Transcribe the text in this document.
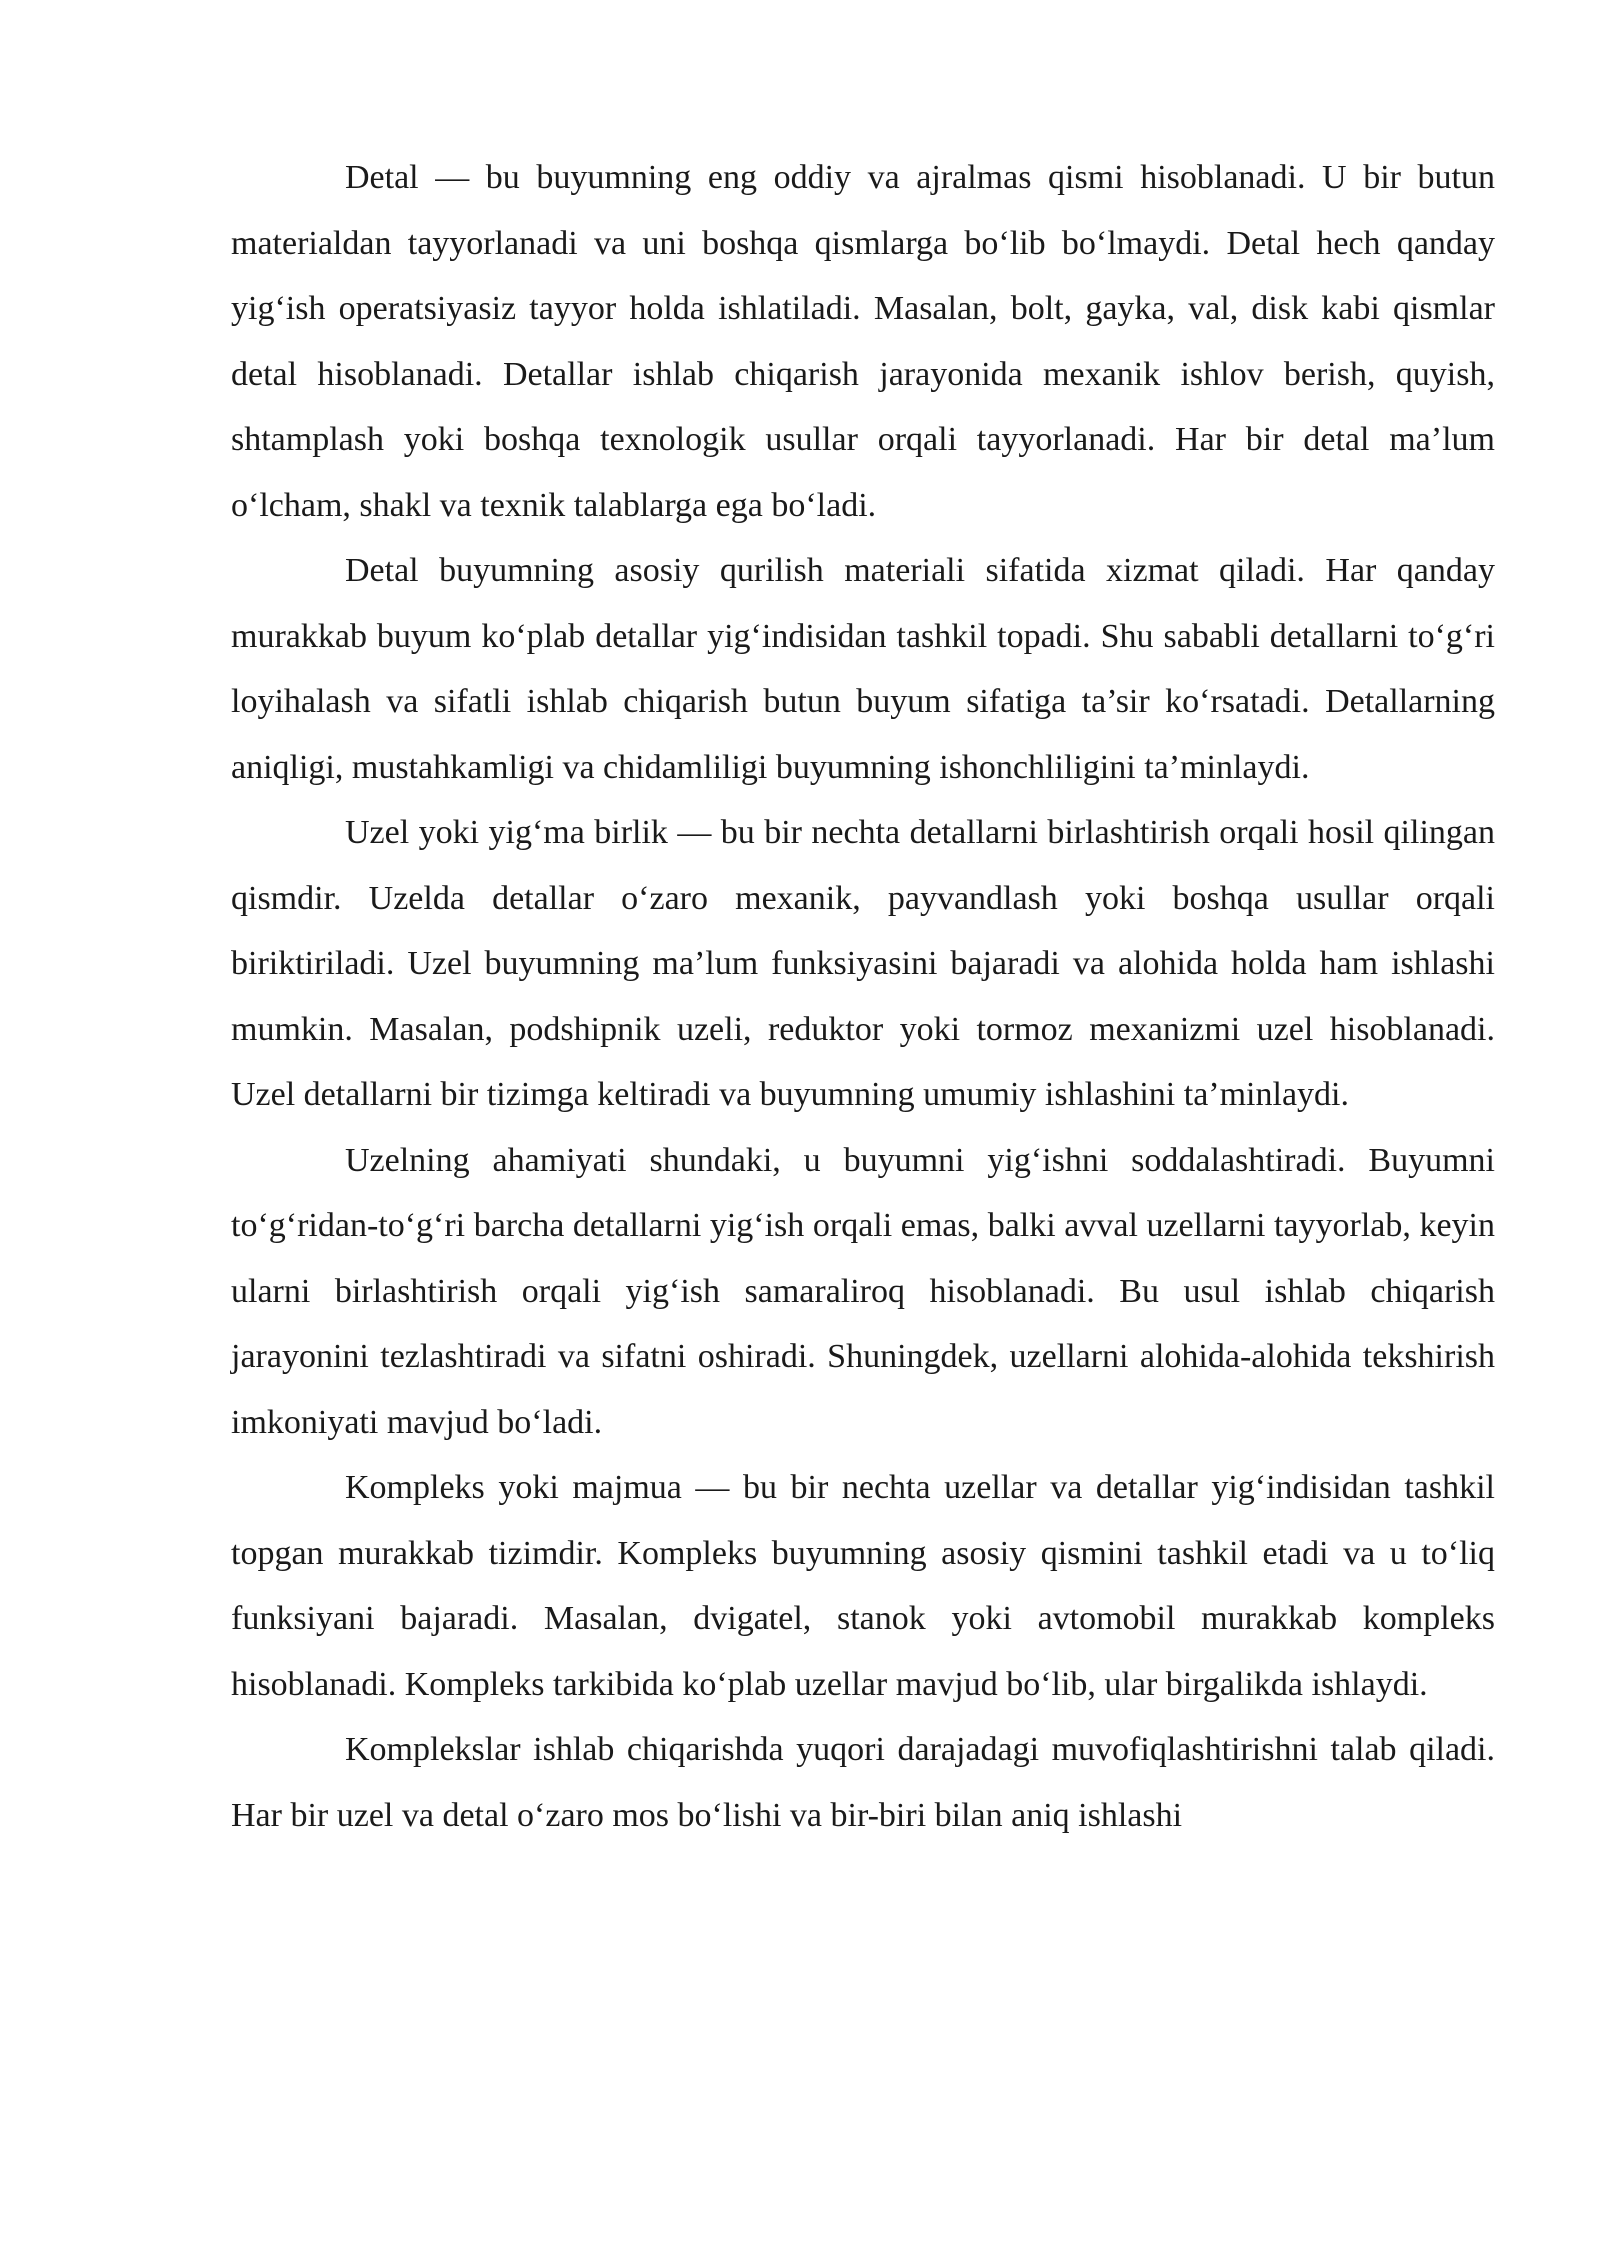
Detal — bu buyumning eng oddiy va ajralmas qismi hisoblanadi. U bir butun materialdan tayyorlanadi va uni boshqa qismlarga bo‘lib bo‘lmaydi. Detal hech qanday yig‘ish operatsiyasiz tayyor holda ishlatiladi. Masalan, bolt, gayka, val, disk kabi qismlar detal hisoblanadi. Detallar ishlab chiqarish jarayonida mexanik ishlov berish, quyish, shtamplash yoki boshqa texnologik usullar orqali tayyorlanadi. Har bir detal ma’lum o‘lcham, shakl va texnik talablarga ega bo‘ladi.

Detal buyumning asosiy qurilish materiali sifatida xizmat qiladi. Har qanday murakkab buyum ko‘plab detallar yig‘indisidan tashkil topadi. Shu sababli detallarni to‘g‘ri loyihalash va sifatli ishlab chiqarish butun buyum sifatiga ta’sir ko‘rsatadi. Detallarning aniqligi, mustahkamligi va chidamliligi buyumning ishonchliligini ta’minlaydi.

Uzel yoki yig‘ma birlik — bu bir nechta detallarni birlashtirish orqali hosil qilingan qismdir. Uzelda detallar o‘zaro mexanik, payvandlash yoki boshqa usullar orqali biriktiriladi. Uzel buyumning ma’lum funksiyasini bajaradi va alohida holda ham ishlashi mumkin. Masalan, podshipnik uzeli, reduktor yoki tormoz mexanizmi uzel hisoblanadi. Uzel detallarni bir tizimga keltiradi va buyumning umumiy ishlashini ta’minlaydi.

Uzelning ahamiyati shundaki, u buyumni yig‘ishni soddalashtiradi. Buyumni to‘g‘ridan-to‘g‘ri barcha detallarni yig‘ish orqali emas, balki avval uzellarni tayyorlab, keyin ularni birlashtirish orqali yig‘ish samaraliroq hisoblanadi. Bu usul ishlab chiqarish jarayonini tezlashtiradi va sifatni oshiradi. Shuningdek, uzellarni alohida-alohida tekshirish imkoniyati mavjud bo‘ladi.

Kompleks yoki majmua — bu bir nechta uzellar va detallar yig‘indisidan tashkil topgan murakkab tizimdir. Kompleks buyumning asosiy qismini tashkil etadi va u to‘liq funksiyani bajaradi. Masalan, dvigatel, stanok yoki avtomobil murakkab kompleks hisoblanadi. Kompleks tarkibida ko‘plab uzellar mavjud bo‘lib, ular birgalikda ishlaydi.

Komplekslar ishlab chiqarishda yuqori darajadagi muvofiqlashtirishni talab qiladi. Har bir uzel va detal o‘zaro mos bo‘lishi va bir-biri bilan aniq ishlashi
